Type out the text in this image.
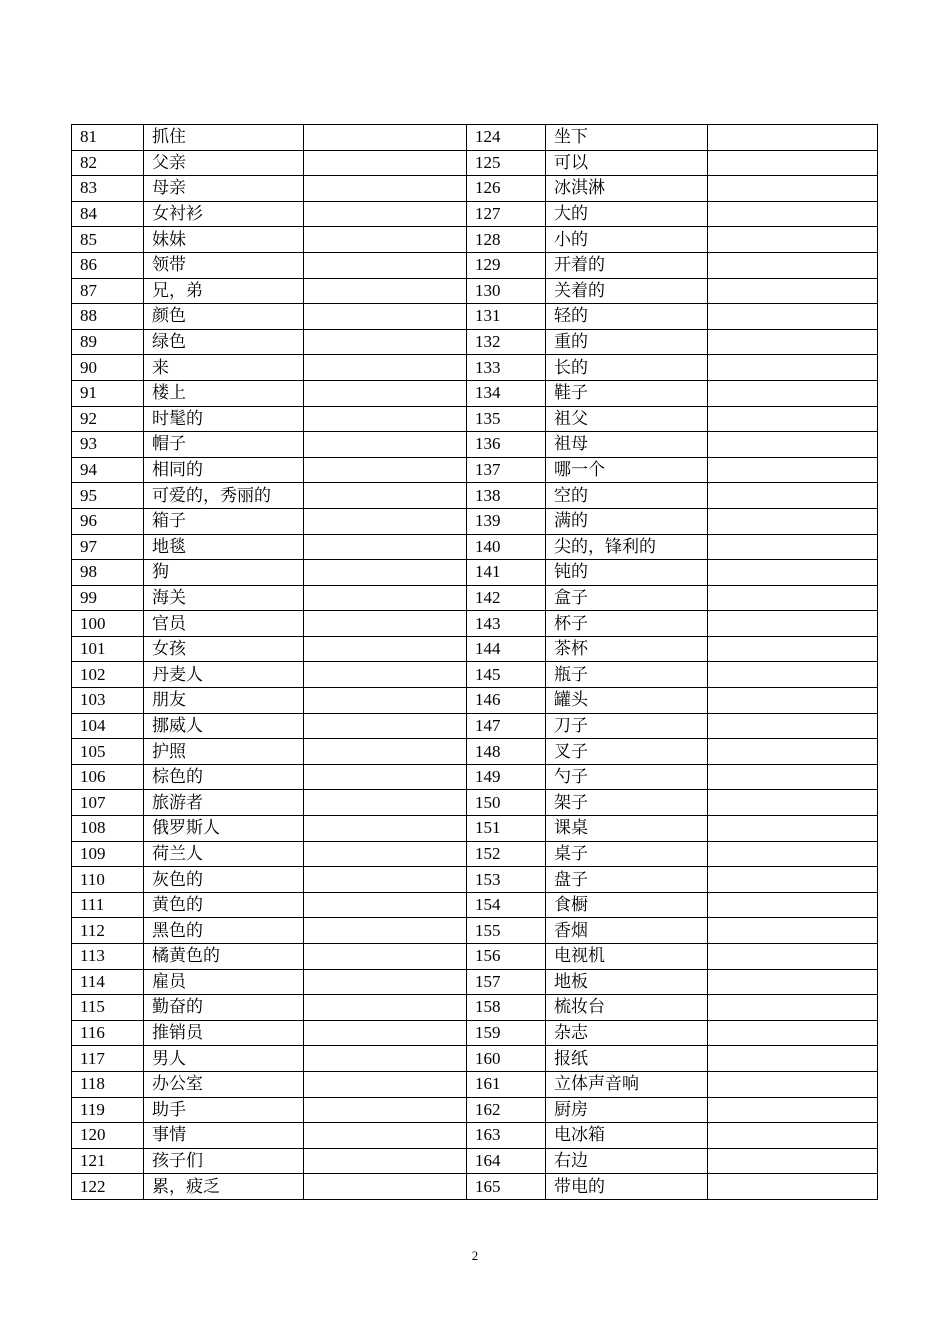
81	抓住		124	坐下	
82	父亲		125	可以	
83	母亲		126	冰淇淋	
84	女衬衫		127	大的	
85	妹妹		128	小的	
86	领带		129	开着的	
87	兄，弟		130	关着的	
88	颜色		131	轻的	
89	绿色		132	重的	
90	来		133	长的	
91	楼上		134	鞋子	
92	时髦的		135	祖父	
93	帽子		136	祖母	
94	相同的		137	哪一个	
95	可爱的，秀丽的		138	空的	
96	箱子		139	满的	
97	地毯		140	尖的，锋利的	
98	狗		141	钝的	
99	海关		142	盒子	
100	官员		143	杯子	
101	女孩		144	茶杯	
102	丹麦人		145	瓶子	
103	朋友		146	罐头	
104	挪威人		147	刀子	
105	护照		148	叉子	
106	棕色的		149	勺子	
107	旅游者		150	架子	
108	俄罗斯人		151	课桌	
109	荷兰人		152	桌子	
110	灰色的		153	盘子	
111	黄色的		154	食橱	
112	黑色的		155	香烟	
113	橘黄色的		156	电视机	
114	雇员		157	地板	
115	勤奋的		158	梳妆台	
116	推销员		159	杂志	
117	男人		160	报纸	
118	办公室		161	立体声音响	
119	助手		162	厨房	
120	事情		163	电冰箱	
121	孩子们		164	右边	
122	累，疲乏		165	带电的	
2
